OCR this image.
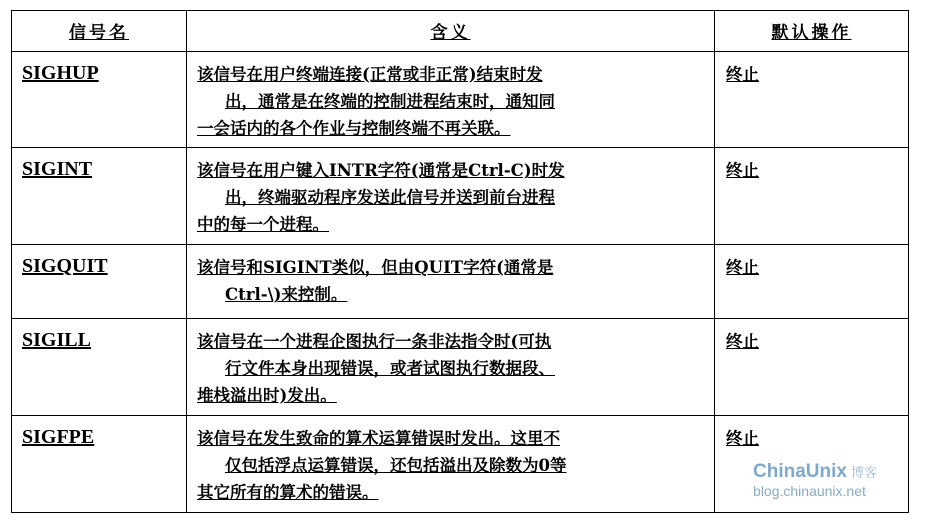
信号名	含义	默认操作

SIGHUP	该信号在用户终端连接(正常或非正常)结束时发
出，通常是在终端的控制进程结束时，通知同
一会话内的各个作业与控制终端不再关联。	终止

SIGINT	该信号在用户键入INTR字符(通常是Ctrl-C)时发
出，终端驱动程序发送此信号并送到前台进程
中的每一个进程。	终止

SIGQUIT	该信号和SIGINT类似，但由QUIT字符(通常是
Ctrl-\)来控制。	终止

SIGILL	该信号在一个进程企图执行一条非法指令时(可执
行文件本身出现错误，或者试图执行数据段、
堆栈溢出时)发出。	终止

SIGFPE	该信号在发生致命的算术运算错误时发出。这里不
仅包括浮点运算错误，还包括溢出及除数为0等
其它所有的算术的错误。	终止
ChinaUnix 博客
blog.chinaunix.net
